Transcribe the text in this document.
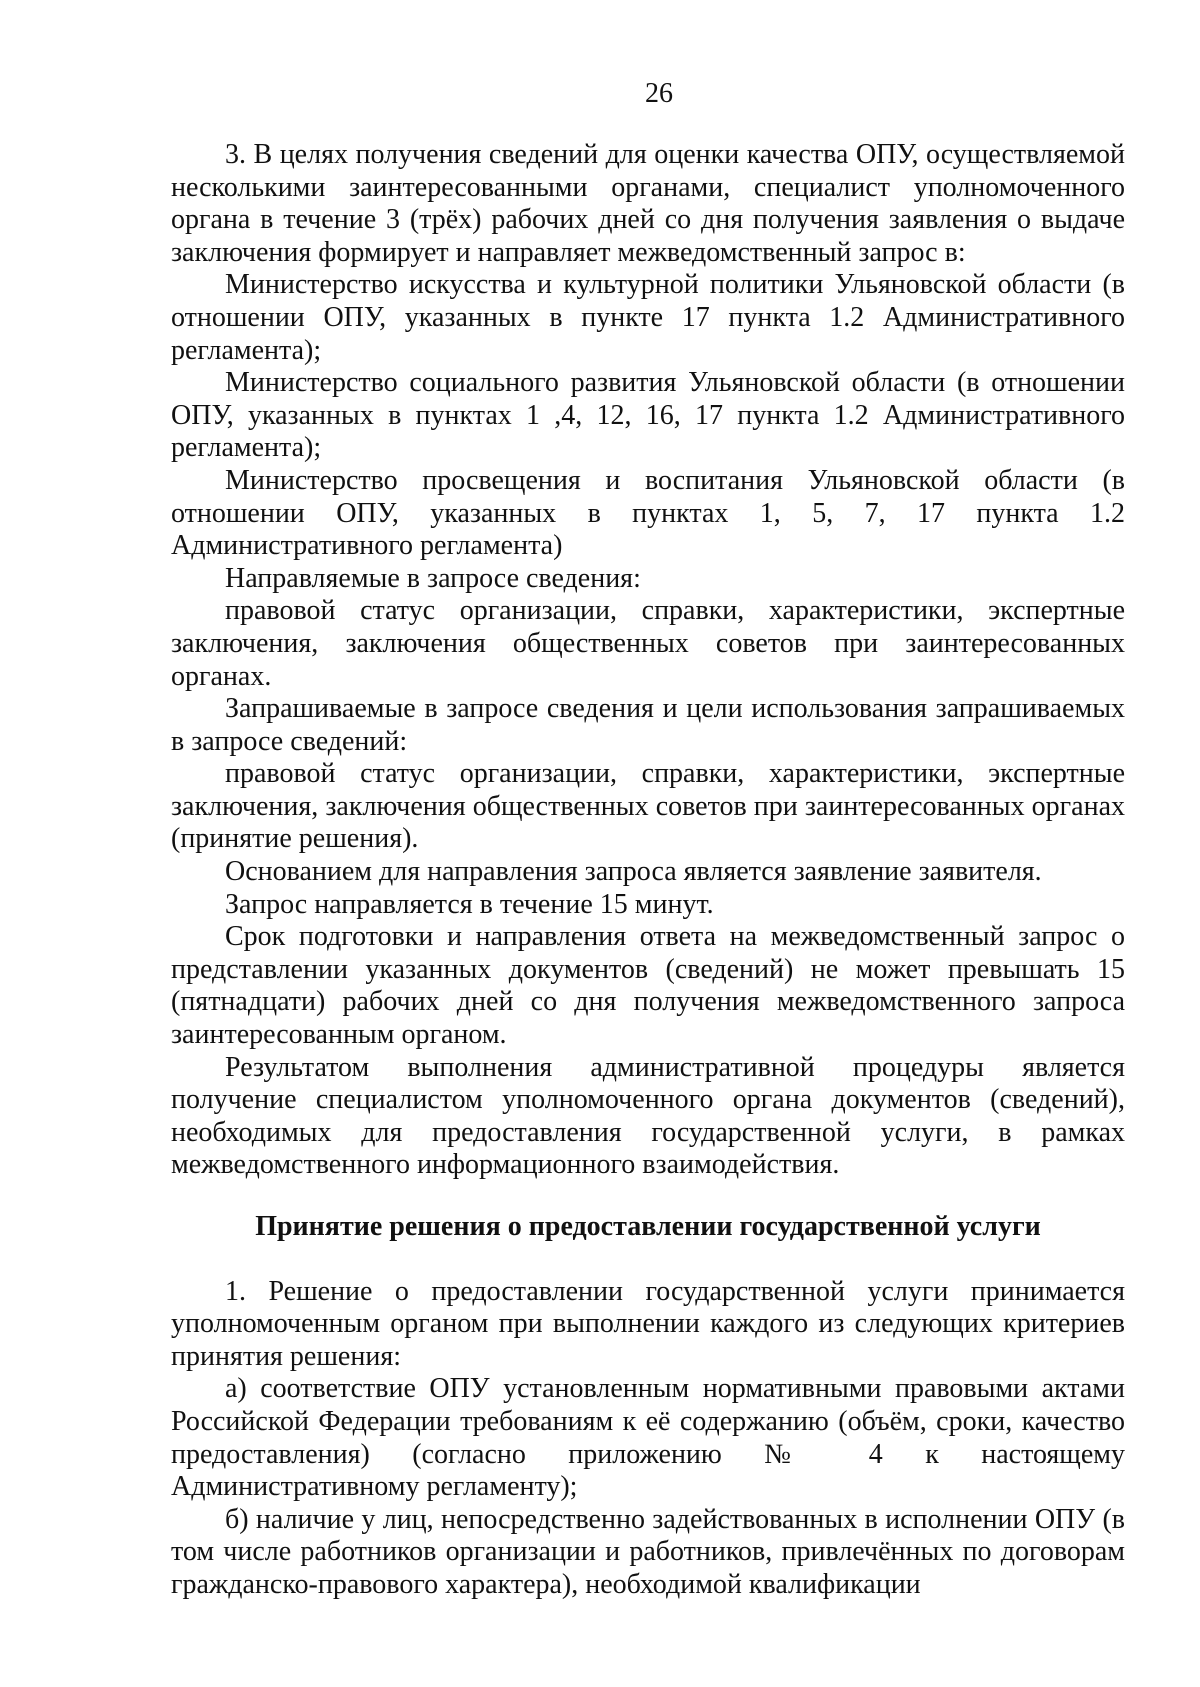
26

3. В целях получения сведений для оценки качества ОПУ, осуществляемой несколькими заинтересованными органами, специалист уполномоченного органа в течение 3 (трёх) рабочих дней со дня получения заявления о выдаче заключения формирует и направляет межведомственный запрос в:

Министерство искусства и культурной политики Ульяновской области (в отношении ОПУ, указанных в пункте 17 пункта 1.2 Административного регламента);

Министерство социального развития Ульяновской области (в отношении ОПУ, указанных в пунктах 1 ,4, 12, 16, 17 пункта 1.2 Административного регламента);

Министерство просвещения и воспитания Ульяновской области (в отношении ОПУ, указанных в пунктах 1, 5, 7, 17 пункта 1.2 Административного регламента)

Направляемые в запросе сведения:

правовой статус организации, справки, характеристики, экспертные заключения, заключения общественных советов при заинтересованных органах.

Запрашиваемые в запросе сведения и цели использования запрашиваемых в запросе сведений:

правовой статус организации, справки, характеристики, экспертные заключения, заключения общественных советов при заинтересованных органах (принятие решения).

Основанием для направления запроса является заявление заявителя.

Запрос направляется в течение 15 минут.

Срок подготовки и направления ответа на межведомственный запрос о представлении указанных документов (сведений) не может превышать 15 (пятнадцати) рабочих дней со дня получения межведомственного запроса заинтересованным органом.

Результатом выполнения административной процедуры является получение специалистом уполномоченного органа документов (сведений), необходимых для предоставления государственной услуги, в рамках межведомственного информационного взаимодействия.

Принятие решения о предоставлении государственной услуги

1. Решение о предоставлении государственной услуги принимается уполномоченным органом при выполнении каждого из следующих критериев принятия решения:

а) соответствие ОПУ установленным нормативными правовыми актами Российской Федерации требованиям к её содержанию (объём, сроки, качество предоставления) (согласно приложению № 4 к настоящему Административному регламенту);

б) наличие у лиц, непосредственно задействованных в исполнении ОПУ (в том числе работников организации и работников, привлечённых по договорам гражданско-правового характера), необходимой квалификации
